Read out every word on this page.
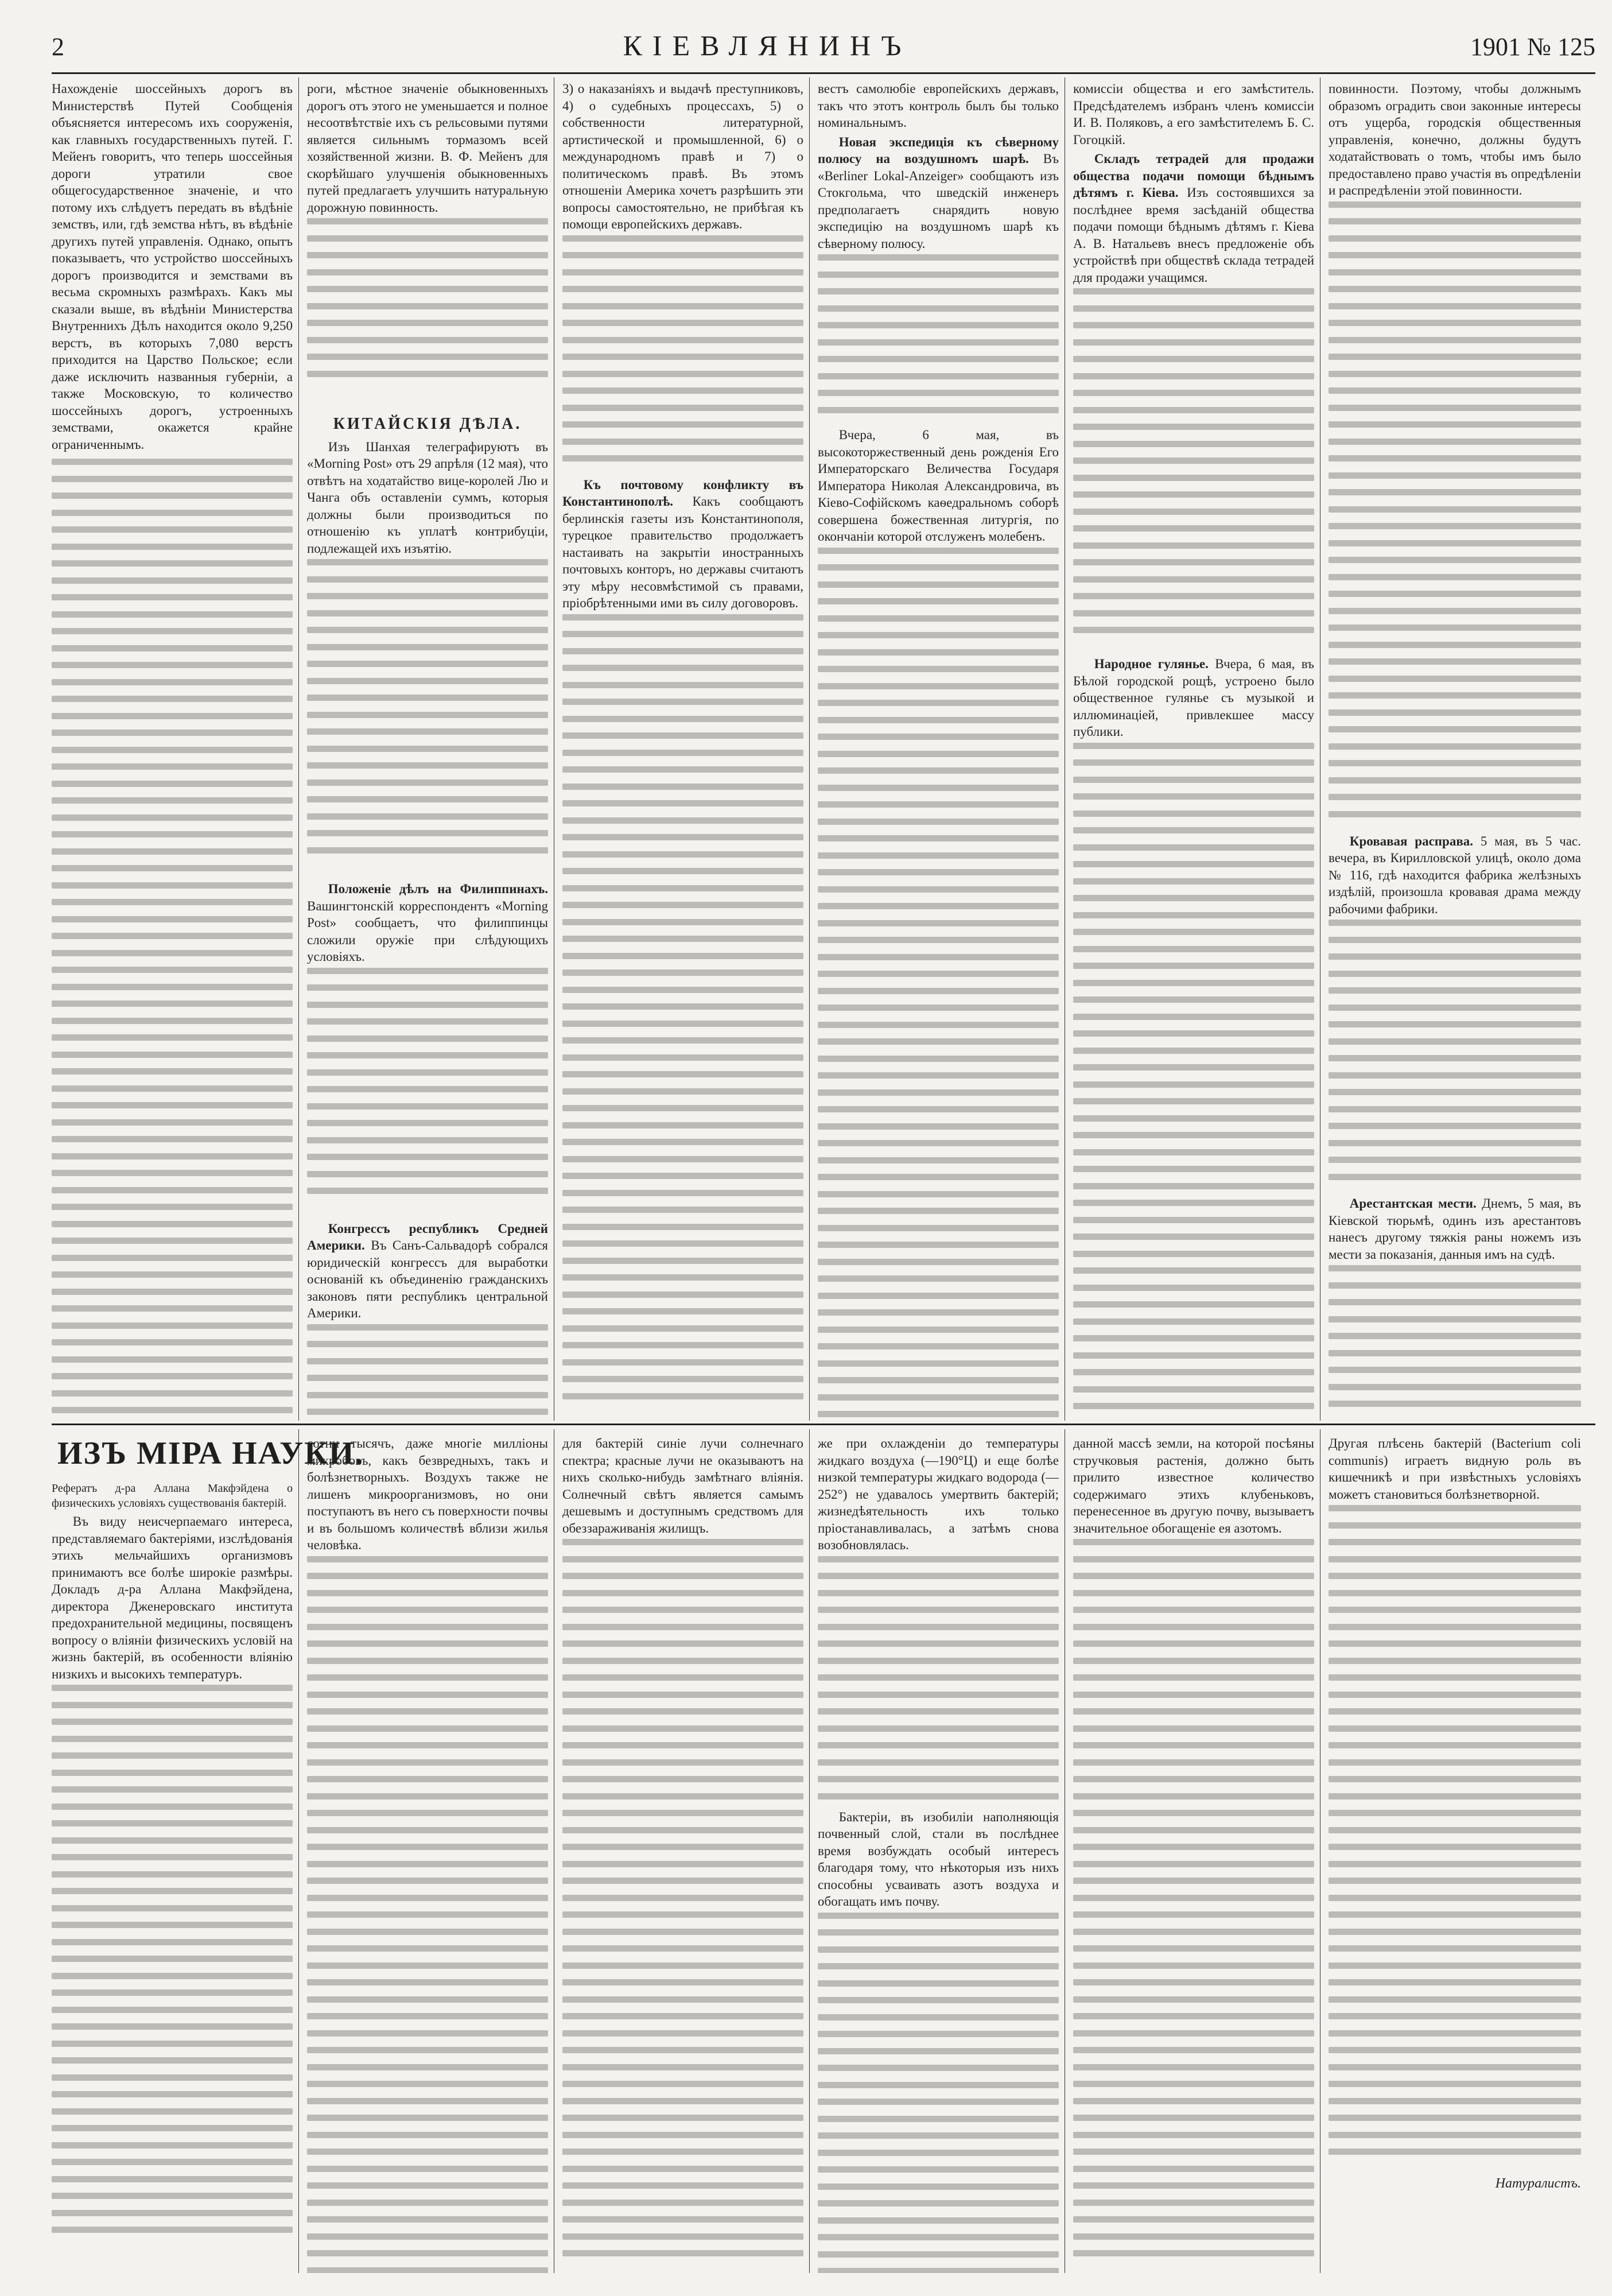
2	КІЕВЛЯНИНЪ	1901 № 125

Нахожденіе шоссейныхъ дорогъ въ Министерствѣ Путей Сообщенія объясняется интересомъ ихъ сооруженія, как главныхъ государственныхъ путей. Г. Мейенъ говоритъ, что теперь шоссейныя дороги утратили свое общегосударственное значеніе, и что потому ихъ слѣдуетъ передать въ вѣдѣніе земствъ, или, гдѣ земства нѣтъ, въ вѣдѣніе другихъ путей управленія. Однако, опытъ показываетъ, что устройство шоссейныхъ дорогъ производится и земствами въ весьма скромныхъ размѣрахъ. Какъ мы сказали выше, въ вѣдѣніи Министерства Внутреннихъ Дѣлъ находится около 9,250 верстъ, въ которыхъ 7,080 верстъ приходится на Царство Польское; если даже исключить названныя губерніи, а также Московскую, то количество шоссейныхъ дорогъ, устроенныхъ земствами, окажется крайне ограниченнымъ.

роги, мѣстное значеніе обыкновенныхъ дорогъ отъ этого не уменьшается и полное несоотвѣтствіе ихъ съ рельсовыми путями является сильнымъ тормазомъ всей хозяйственной жизни. В. Ф. Мейенъ для скорѣйшаго улучшенія обыкновенныхъ путей предлагаетъ улучшить натуральную дорожную повинность.

КИТАЙСКІЯ ДѢЛА.

Изъ Шанхая телеграфируютъ въ «Morning Post» отъ 29 апрѣля (12 мая), что отвѣтъ на ходатайство вице-королей Лю и Чанга объ оставленіи суммъ, которыя должны были производиться по отношенію къ уплатѣ контрибуціи, подлежащей ихъ изъятію.

Положеніе дѣлъ на Филиппинахъ. Вашингтонскій корреспондентъ «Morning Post» сообщаетъ, что филиппинцы сложили оружіе при слѣдующихъ условіяхъ.

Конгрессъ республикъ Средней Америки. Въ Санъ-Сальвадорѣ собрался юридическій конгрессъ для выработки основаній къ объединенію гражданскихъ законовъ пяти республикъ центральной Америки.

3) о наказаніяхъ и выдачѣ преступниковъ, 4) о судебныхъ процессахъ, 5) о собственности литературной, артистической и промышленной, 6) о международномъ правѣ и 7) о политическомъ правѣ. Въ этомъ отношеніи Америка хочетъ разрѣшить эти вопросы самостоятельно, не прибѣгая къ помощи европейскихъ державъ.

Къ почтовому конфликту въ Константинополѣ. Какъ сообщаютъ берлинскія газеты изъ Константинополя, турецкое правительство продолжаетъ настаивать на закрытіи иностранныхъ почтовыхъ конторъ, но державы считаютъ эту мѣру несовмѣстимой съ правами, пріобрѣтенными ими въ силу договоровъ.

вестъ самолюбіе европейскихъ державъ, такъ что этотъ контроль былъ бы только номинальнымъ.

Новая экспедиція къ сѣверному полюсу на воздушномъ шарѣ. Въ «Berliner Lokal-Anzeiger» сообщаютъ изъ Стокгольма, что шведскій инженеръ предполагаетъ снарядить новую экспедицію на воздушномъ шарѣ къ сѣверному полюсу.

Вчера, 6 мая, въ высокоторжественный день рожденія Его Императорскаго Величества Государя Императора Николая Александровича, въ Кіево-Софійскомъ каѳедральномъ соборѣ совершена божественная литургія, по окончаніи которой отслуженъ молебенъ.

комиссіи общества и его замѣститель. Предсѣдателемъ избранъ членъ комиссіи И. В. Поляковъ, а его замѣстителемъ Б. С. Гогоцкій.

Складъ тетрадей для продажи общества подачи помощи бѣднымъ дѣтямъ г. Кіева. Изъ состоявшихся за послѣднее время засѣданій общества подачи помощи бѣднымъ дѣтямъ г. Кіева А. В. Натальевъ внесъ предложеніе объ устройствѣ при обществѣ склада тетрадей для продажи учащимся.

Народное гулянье. Вчера, 6 мая, въ Бѣлой городской рощѣ, устроено было общественное гулянье съ музыкой и иллюминаціей, привлекшее массу публики.

повинности. Поэтому, чтобы должнымъ образомъ оградить свои законные интересы отъ ущерба, городскія общественныя управленія, конечно, должны будутъ ходатайствовать о томъ, чтобы имъ было предоставлено право участія въ опредѣленіи и распредѣленіи этой повинности.

Кровавая расправа. 5 мая, въ 5 час. вечера, въ Кирилловской улицѣ, около дома № 116, гдѣ находится фабрика желѣзныхъ издѣлій, произошла кровавая драма между рабочими фабрики.

Арестантская мести. Днемъ, 5 мая, въ Кіевской тюрьмѣ, одинъ изъ арестантовъ нанесъ другому тяжкія раны ножемъ изъ мести за показанія, данныя имъ на судѣ.

ИЗЪ МІРА НАУКИ.

Рефератъ д-ра Аллана Макфэйдена о физическихъ условіяхъ существованія бактерій.

Въ виду неисчерпаемаго интереса, представляемаго бактеріями, изслѣдованія этихъ мельчайшихъ организмовъ принимаютъ все болѣе широкіе размѣры. Докладъ д-ра Аллана Макфэйдена, директора Дженеровскаго института предохранительной медицины, посвященъ вопросу о вліяніи физическихъ условій на жизнь бактерій, въ особенности вліянію низкихъ и высокихъ температуръ.

сотни тысячъ, даже многіе милліоны микробовъ, какъ безвредныхъ, такъ и болѣзнетворныхъ. Воздухъ также не лишенъ микроорганизмовъ, но они поступаютъ въ него съ поверхности почвы и въ большомъ количествѣ вблизи жилья человѣка.

для бактерій синіе лучи солнечнаго спектра; красные лучи не оказываютъ на нихъ сколько-нибудь замѣтнаго вліянія. Солнечный свѣтъ является самымъ дешевымъ и доступнымъ средствомъ для обеззараживанія жилищъ.

же при охлажденіи до температуры жидкаго воздуха (—190°Ц) и еще болѣе низкой температуры жидкаго водорода (—252°) не удавалось умертвить бактерій; жизнедѣятельность ихъ только пріостанавливалась, а затѣмъ снова возобновлялась.

Бактеріи, въ изобиліи наполняющія почвенный слой, стали въ послѣднее время возбуждать особый интересъ благодаря тому, что нѣкоторыя изъ нихъ способны усваивать азотъ воздуха и обогащать имъ почву.

данной массѣ земли, на которой посѣяны стручковыя растенія, должно быть прилито известное количество содержимаго этихъ клубеньковъ, перенесенное въ другую почву, вызываетъ значительное обогащеніе ея азотомъ.

Другая плѣсень бактерій (Bacterium coli communis) играетъ видную роль въ кишечникѣ и при извѣстныхъ условіяхъ можетъ становиться болѣзнетворной.

Натуралистъ.
